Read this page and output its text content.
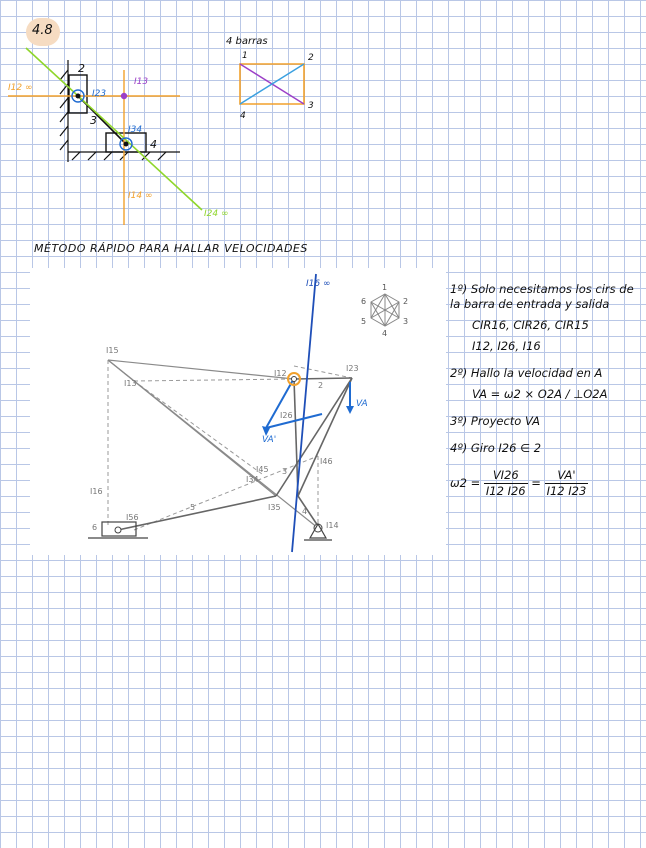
4.8
2
3
4
I12 ∞
I23
I13
I34
I14 ∞
I24 ∞
4 barras
1	2
3
4
MÉTODO RÁPIDO PARA HALLAR VELOCIDADES
1
2
3
4
5
6
I15
I13
I12
I23
I26
I46
I45
I34
I35
I16
I56
I14
2
3
4
5
6
I16 ∞
VA
VA'
1º) Solo necesitamos los cirs de la barra de entrada y salida
CIR16, CIR26, CIR15
I12, I26, I16
2º) Hallo la velocidad en A
VA = ω2 × O2A / ⊥O2A
3º) Proyecto VA
4º) Giro I26 ∈ 2
$\omega 2 = \frac{VI26}{I12 I26} = \frac{VA'}{I12 I23}$
